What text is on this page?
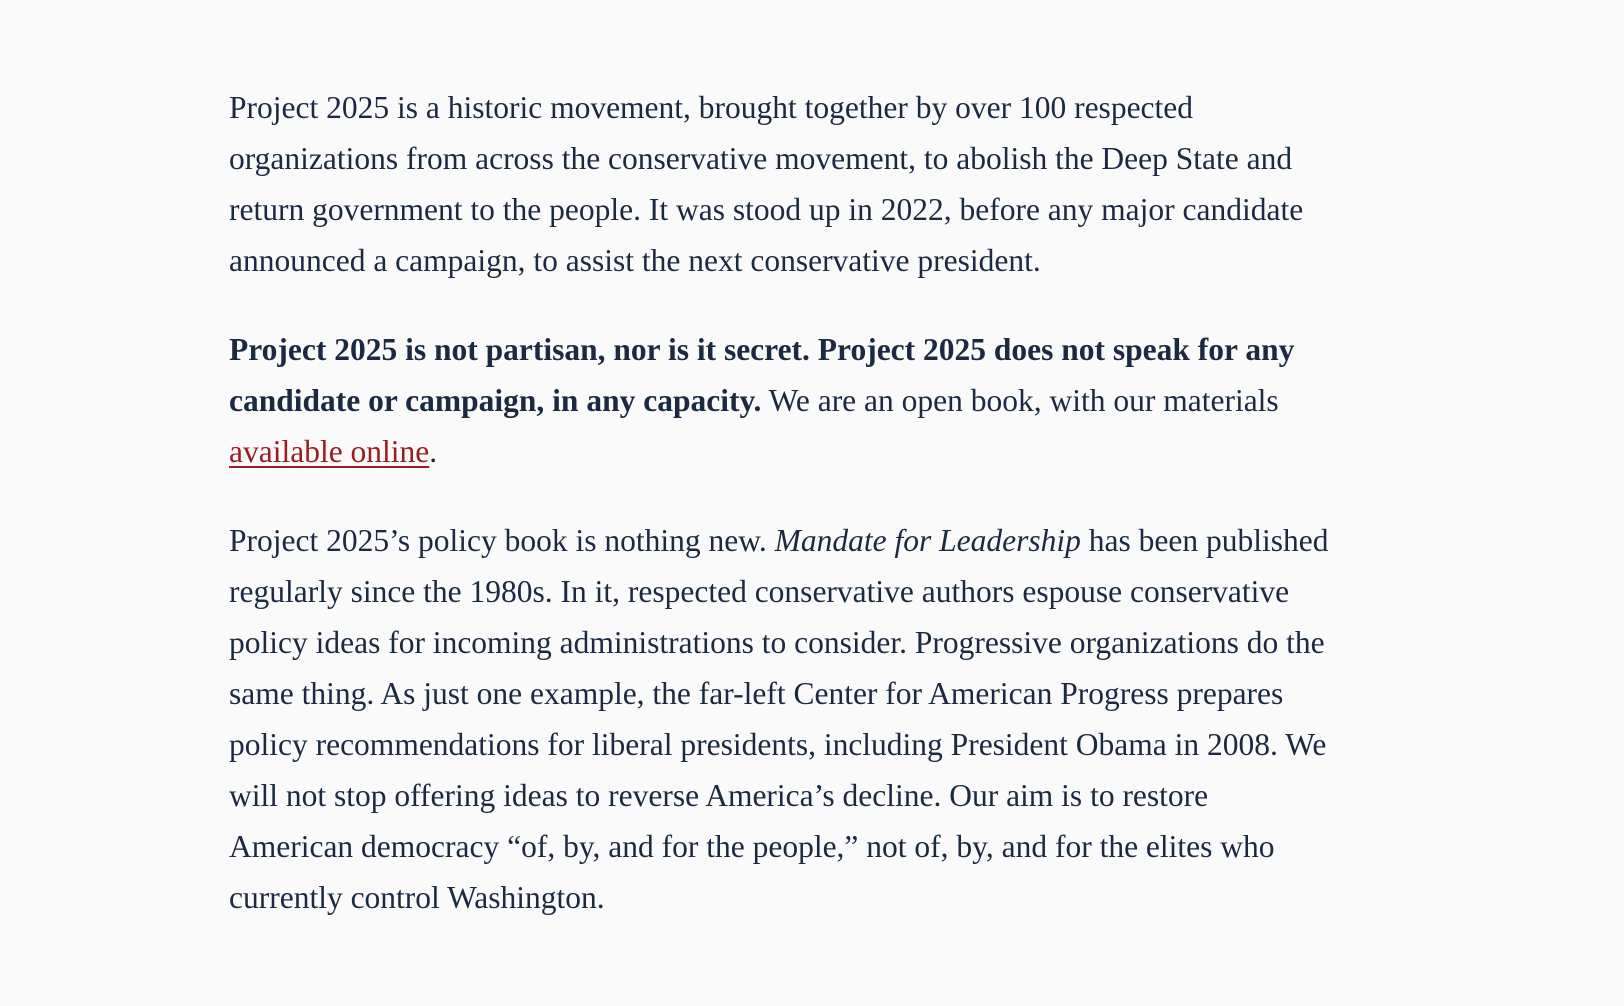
Project 2025 is a historic movement, brought together by over 100 respected organizations from across the conservative movement, to abolish the Deep State and return government to the people. It was stood up in 2022, before any major candidate announced a campaign, to assist the next conservative president.

Project 2025 is not partisan, nor is it secret. Project 2025 does not speak for any candidate or campaign, in any capacity. We are an open book, with our materials available online.

Project 2025’s policy book is nothing new. Mandate for Leadership has been published regularly since the 1980s. In it, respected conservative authors espouse conservative policy ideas for incoming administrations to consider. Progressive organizations do the same thing. As just one example, the far-left Center for American Progress prepares policy recommendations for liberal presidents, including President Obama in 2008. We will not stop offering ideas to reverse America’s decline. Our aim is to restore American democracy “of, by, and for the people,” not of, by, and for the elites who currently control Washington.
